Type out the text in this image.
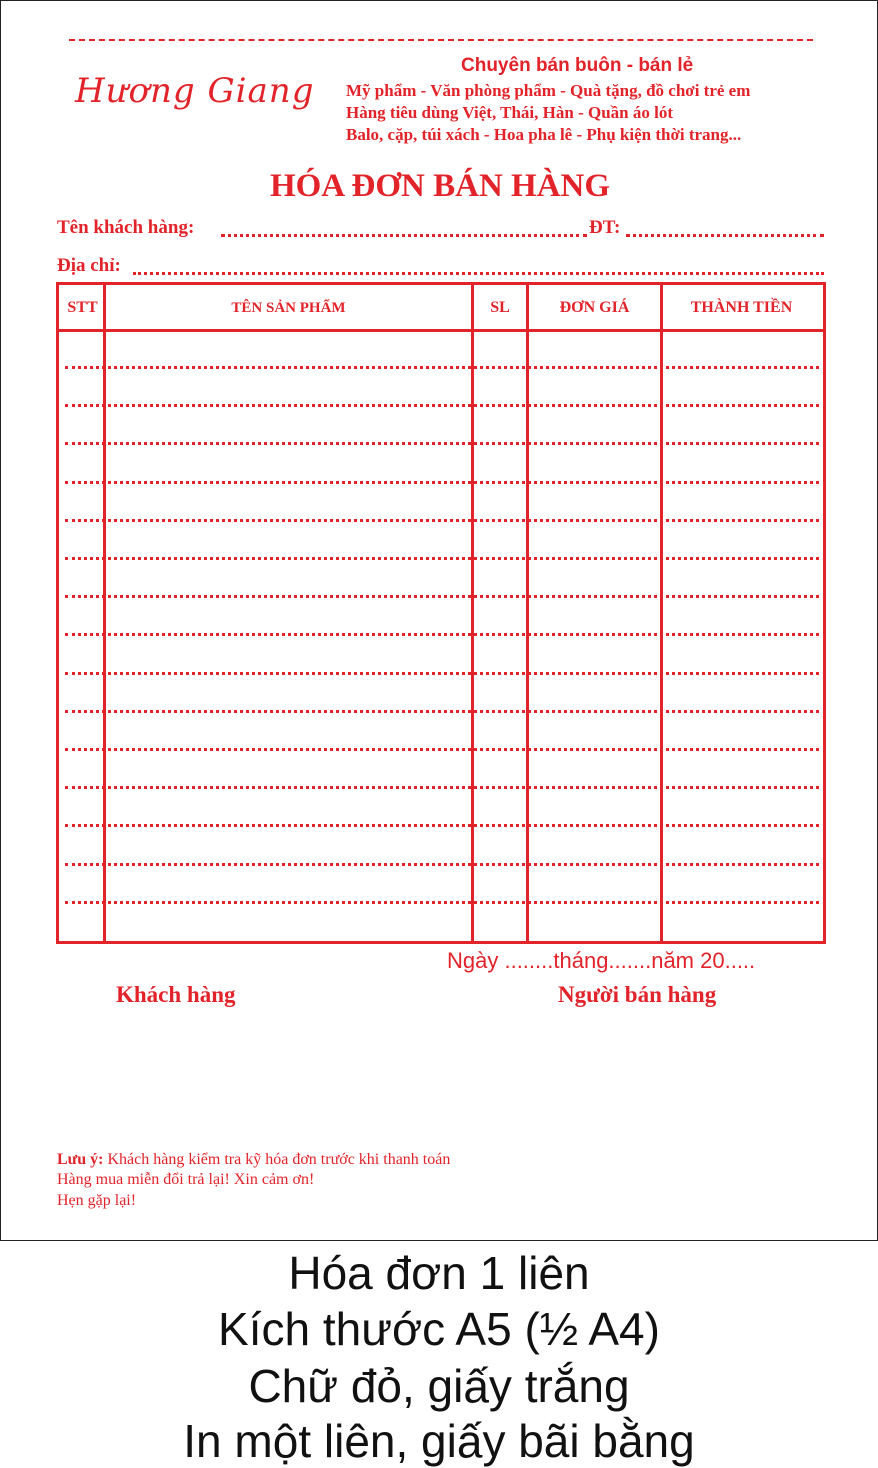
Hương Giang
Chuyên bán buôn - bán lẻ
Mỹ phẩm - Văn phòng phẩm - Quà tặng, đồ chơi trẻ em
Hàng tiêu dùng Việt, Thái, Hàn - Quần áo lót
Balo, cặp, túi xách - Hoa pha lê - Phụ kiện thời trang...
HÓA ĐƠN BÁN HÀNG
Tên khách hàng:	ĐT:
Địa chỉ:
STT	TÊN SẢN PHẨM	SL	ĐƠN GIÁ	THÀNH TIỀN
Ngày ........tháng.......năm 20.....
Khách hàng	Người bán hàng
Lưu ý: Khách hàng kiểm tra kỹ hóa đơn trước khi thanh toán
Hàng mua miễn đổi trả lại! Xin cảm ơn!
Hẹn gặp lại!
Hóa đơn 1 liên
Kích thước A5 (½ A4)
Chữ đỏ, giấy trắng
In một liên, giấy bãi bằng
